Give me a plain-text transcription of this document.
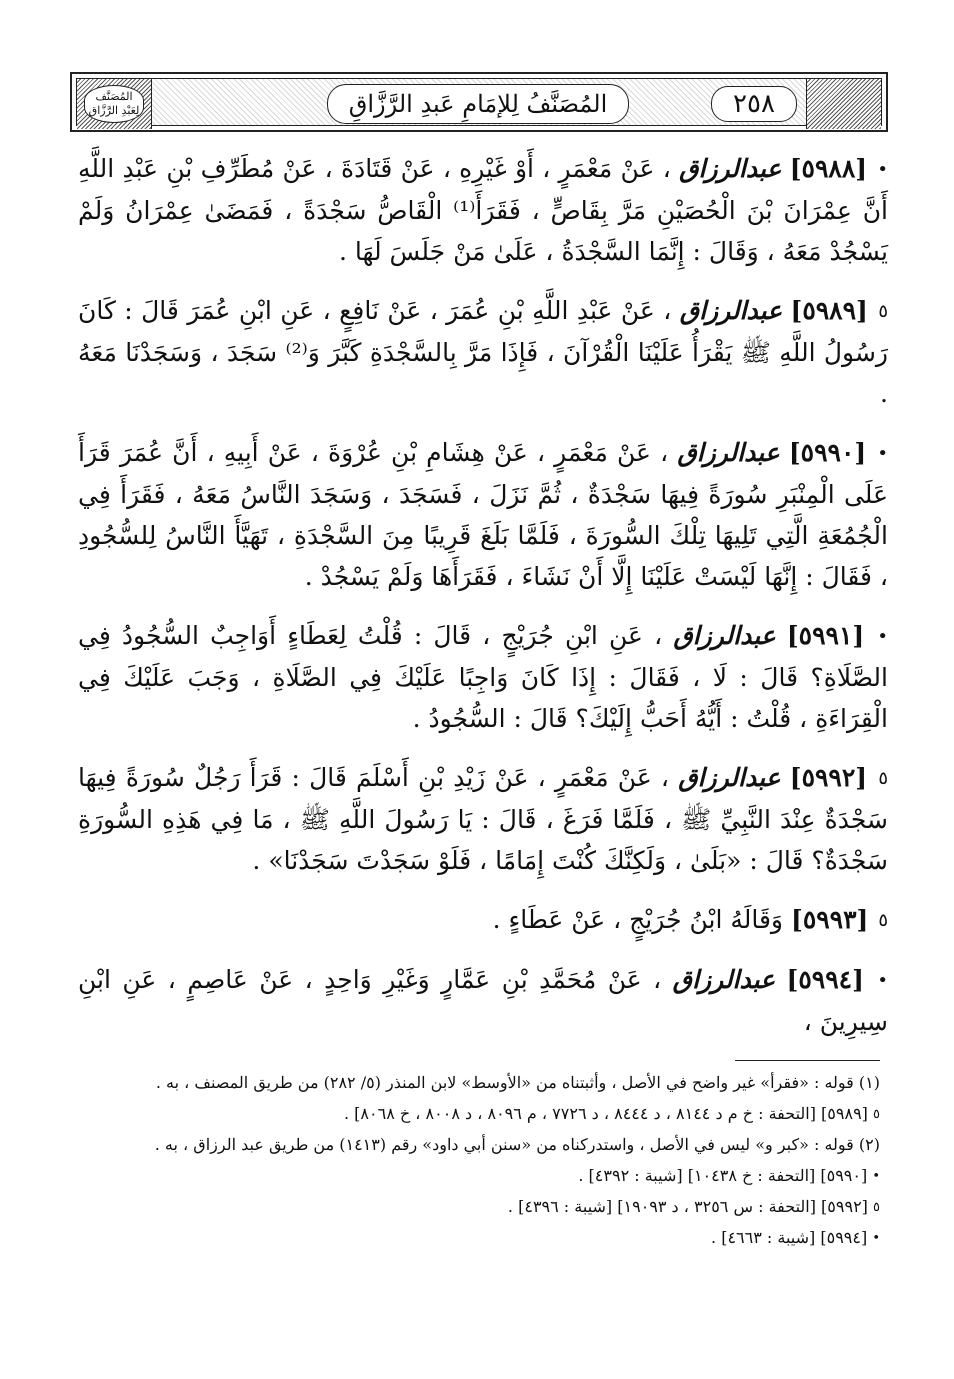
المُصَنَّف
لِعَبْدِ الرَّزَّاق	المُصَنَّفُ لِلإمَامِ عَبدِ الرَّزَّاقِ	٢٥٨

• [٥٩٨٨] عبدالرزاق ، عَنْ مَعْمَرٍ ، أَوْ غَيْرِهِ ، عَنْ قَتَادَةَ ، عَنْ مُطَرِّفِ بْنِ عَبْدِ اللَّهِ أَنَّ عِمْرَانَ بْنَ الْحُصَيْنِ مَرَّ بِقَاصٍّ ، فَقَرَأَ⁽¹⁾ الْقَاصُّ سَجْدَةً ، فَمَضَىٰ عِمْرَانُ وَلَمْ يَسْجُدْ مَعَهُ ، وَقَالَ : إِنَّمَا السَّجْدَةُ ، عَلَىٰ مَنْ جَلَسَ لَهَا .

٥ [٥٩٨٩] عبدالرزاق ، عَنْ عَبْدِ اللَّهِ بْنِ عُمَرَ ، عَنْ نَافِعٍ ، عَنِ ابْنِ عُمَرَ قَالَ : كَانَ رَسُولُ اللَّهِ ﷺ يَقْرَأُ عَلَيْنَا الْقُرْآنَ ، فَإِذَا مَرَّ بِالسَّجْدَةِ كَبَّرَ وَ⁽²⁾ سَجَدَ ، وَسَجَدْنَا مَعَهُ .

• [٥٩٩٠] عبدالرزاق ، عَنْ مَعْمَرٍ ، عَنْ هِشَامِ بْنِ عُرْوَةَ ، عَنْ أَبِيهِ ، أَنَّ عُمَرَ قَرَأَ عَلَى الْمِنْبَرِ سُورَةً فِيهَا سَجْدَةٌ ، ثُمَّ نَزَلَ ، فَسَجَدَ ، وَسَجَدَ النَّاسُ مَعَهُ ، فَقَرَأَ فِي الْجُمُعَةِ الَّتِي تَلِيهَا تِلْكَ السُّورَةَ ، فَلَمَّا بَلَغَ قَرِيبًا مِنَ السَّجْدَةِ ، تَهَيَّأَ النَّاسُ لِلسُّجُودِ ، فَقَالَ : إِنَّهَا لَيْسَتْ عَلَيْنَا إِلَّا أَنْ نَشَاءَ ، فَقَرَأَهَا وَلَمْ يَسْجُدْ .

• [٥٩٩١] عبدالرزاق ، عَنِ ابْنِ جُرَيْجٍ ، قَالَ : قُلْتُ لِعَطَاءٍ أَوَاجِبٌ السُّجُودُ فِي الصَّلَاةِ؟ قَالَ : لَا ، فَقَالَ : إِذَا كَانَ وَاجِبًا عَلَيْكَ فِي الصَّلَاةِ ، وَجَبَ عَلَيْكَ فِي الْقِرَاءَةِ ، قُلْتُ : أَيُّهُ أَحَبُّ إِلَيْكَ؟ قَالَ : السُّجُودُ .

٥ [٥٩٩٢] عبدالرزاق ، عَنْ مَعْمَرٍ ، عَنْ زَيْدِ بْنِ أَسْلَمَ قَالَ : قَرَأَ رَجُلٌ سُورَةً فِيهَا سَجْدَةٌ عِنْدَ النَّبِيِّ ﷺ ، فَلَمَّا فَرَغَ ، قَالَ : يَا رَسُولَ اللَّهِ ﷺ ، مَا فِي هَذِهِ السُّورَةِ سَجْدَةٌ؟ قَالَ : «بَلَىٰ ، وَلَكِنَّكَ كُنْتَ إِمَامًا ، فَلَوْ سَجَدْتَ سَجَدْنَا» .

٥ [٥٩٩٣] وَقَالَهُ ابْنُ جُرَيْجٍ ، عَنْ عَطَاءٍ .

• [٥٩٩٤] عبدالرزاق ، عَنْ مُحَمَّدِ بْنِ عَمَّارٍ وَغَيْرِ وَاحِدٍ ، عَنْ عَاصِمٍ ، عَنِ ابْنِ سِيرِينَ ،

(١) قوله : «فقرأ» غير واضح في الأصل ، وأثبتناه من «الأوسط» لابن المنذر (٥/ ٢٨٢) من طريق المصنف ، به .

٥ [٥٩٨٩] [التحفة : خ م د ٨١٤٤ ، د ٨٤٤٤ ، د ٧٧٢٦ ، م ٨٠٩٦ ، د ٨٠٠٨ ، خ ٨٠٦٨] .

(٢) قوله : «كبر و» ليس في الأصل ، واستدركناه من «سنن أبي داود» رقم (١٤١٣) من طريق عبد الرزاق ، به .

• [٥٩٩٠] [التحفة : خ ١٠٤٣٨] [شيبة : ٤٣٩٢] .

٥ [٥٩٩٢] [التحفة : س ٣٢٥٦ ، د ١٩٠٩٣] [شيبة : ٤٣٩٦] .

• [٥٩٩٤] [شيبة : ٤٦٦٣] .
